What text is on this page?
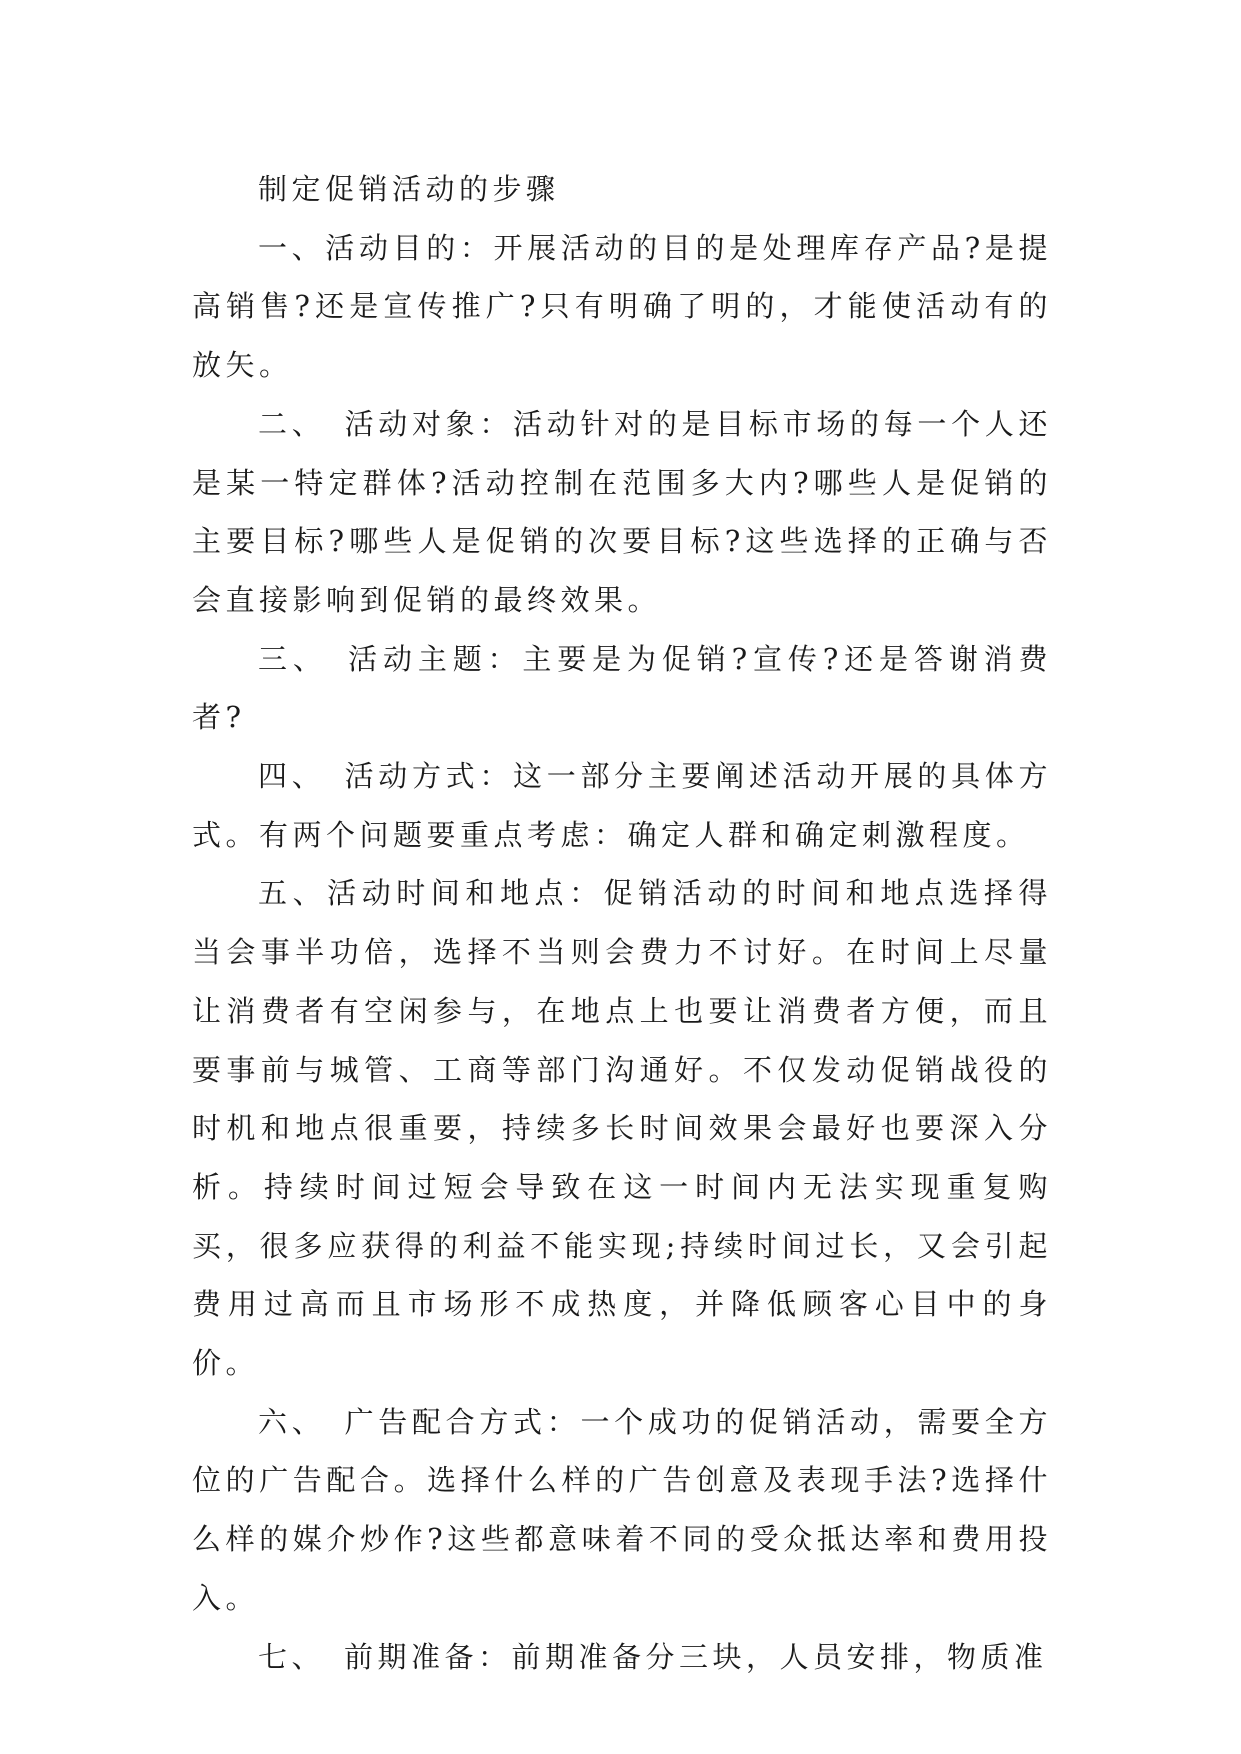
制定促销活动的步骤

一、活动目的：开展活动的目的是处理库存产品?是提高销售?还是宣传推广?只有明确了明的，才能使活动有的放矢。

二、　活动对象：活动针对的是目标市场的每一个人还是某一特定群体?活动控制在范围多大内?哪些人是促销的主要目标?哪些人是促销的次要目标?这些选择的正确与否会直接影响到促销的最终效果。

三、　活动主题：主要是为促销?宣传?还是答谢消费者?

四、　活动方式：这一部分主要阐述活动开展的具体方式。有两个问题要重点考虑：确定人群和确定刺激程度。

五、活动时间和地点：促销活动的时间和地点选择得当会事半功倍，选择不当则会费力不讨好。在时间上尽量让消费者有空闲参与，在地点上也要让消费者方便，而且要事前与城管、工商等部门沟通好。不仅发动促销战役的时机和地点很重要，持续多长时间效果会最好也要深入分析。持续时间过短会导致在这一时间内无法实现重复购买，很多应获得的利益不能实现;持续时间过长，又会引起费用过高而且市场形不成热度，并降低顾客心目中的身价。

六、　广告配合方式：一个成功的促销活动，需要全方位的广告配合。选择什么样的广告创意及表现手法?选择什么样的媒介炒作?这些都意味着不同的受众抵达率和费用投入。

七、　前期准备：前期准备分三块，人员安排，物质准
